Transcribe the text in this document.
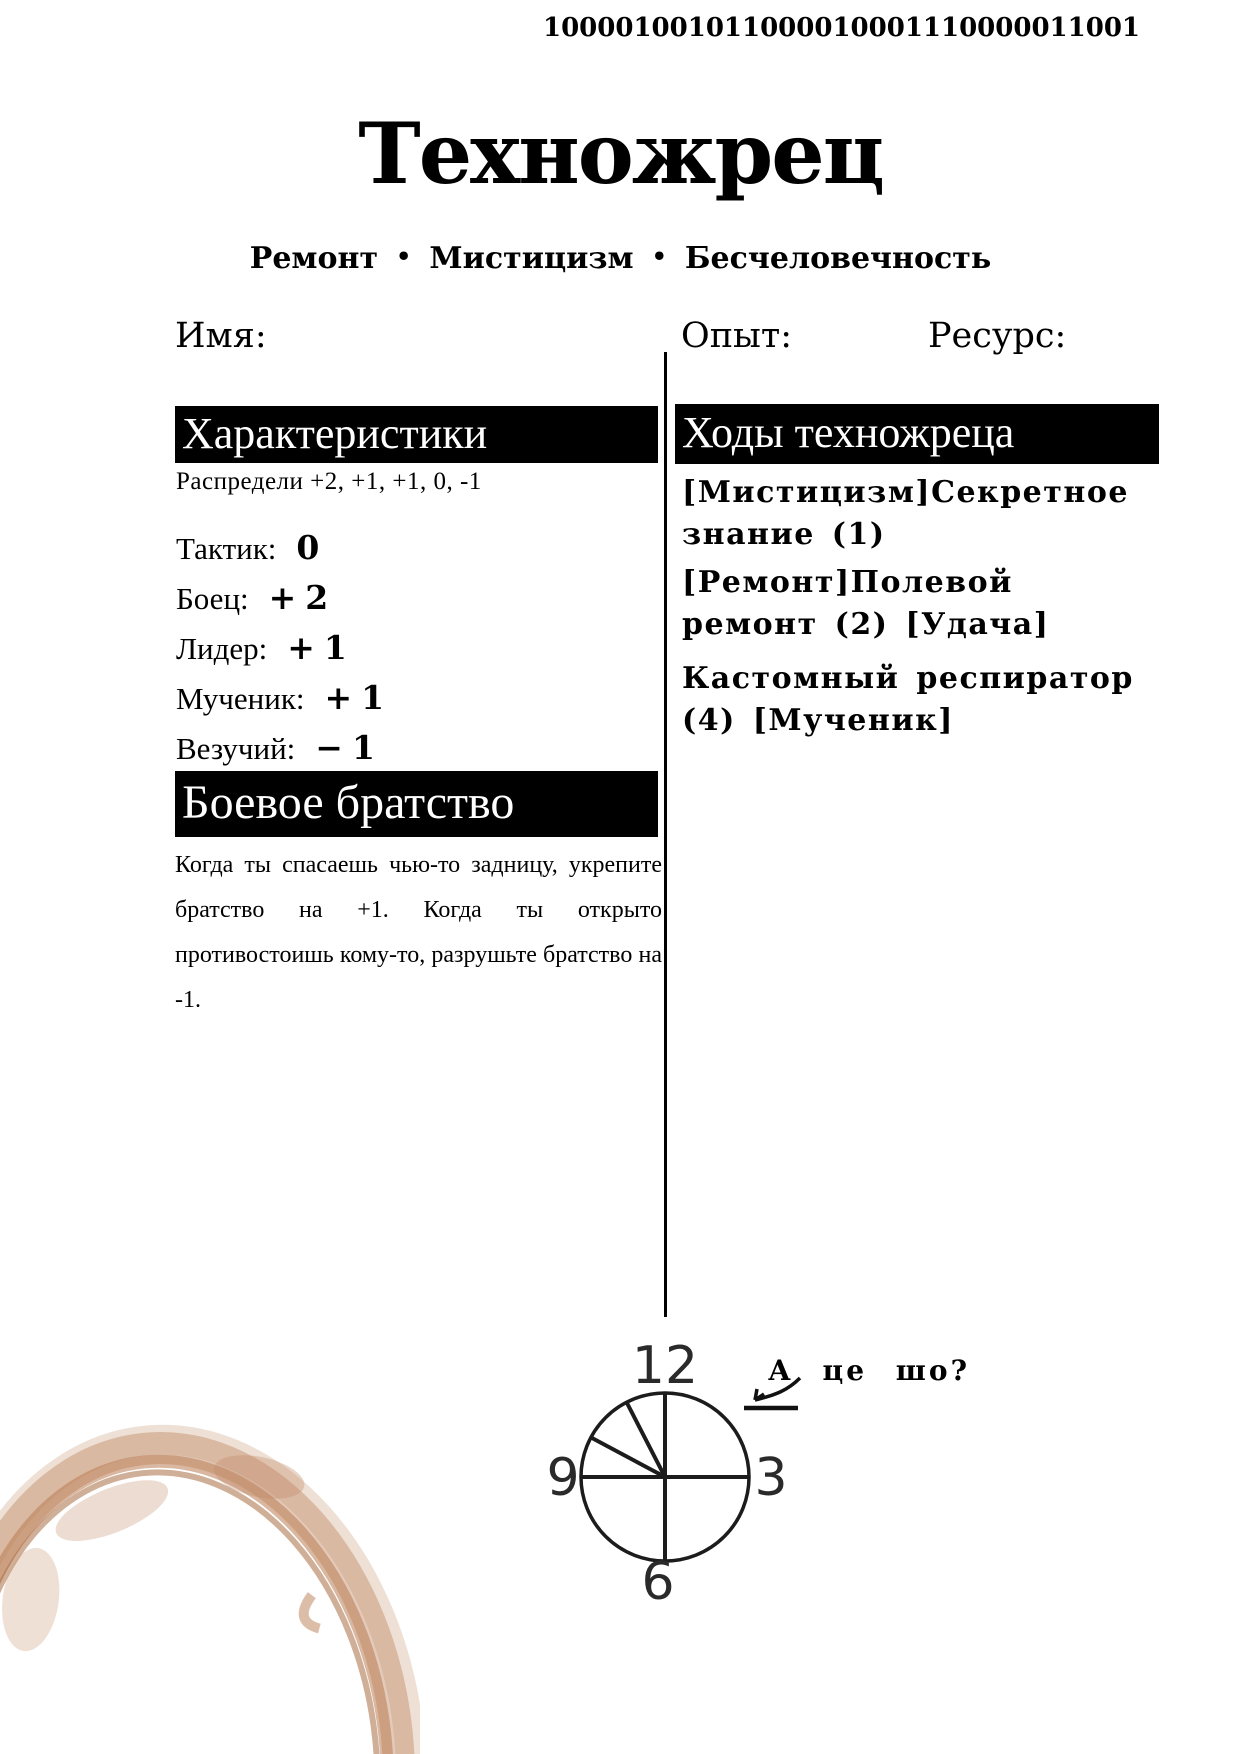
100001001011000010001110000011001
Техножрец
Ремонт • Мистицизм • Бесчеловечность
Имя:	Опыт:	Ресурс:
Характеристики
Распредели +2, +1, +1, 0, -1
Тактик: 0
Боец: +2
Лидер: +1
Мученик: +1
Везучий: −1
Боевое братство

Когда ты спасаешь чью-то задницу, укрепите братство на +1. Когда ты открыто противостоишь кому-то, разрушьте братство на -1.

Ходы техножреца
[Мистицизм]Секретное знание (1)
[Ремонт]Полевой ремонт (2) [Удача]
Кастомный респиратор (4) [Мученик]
12
9	3
6
А це шо?
